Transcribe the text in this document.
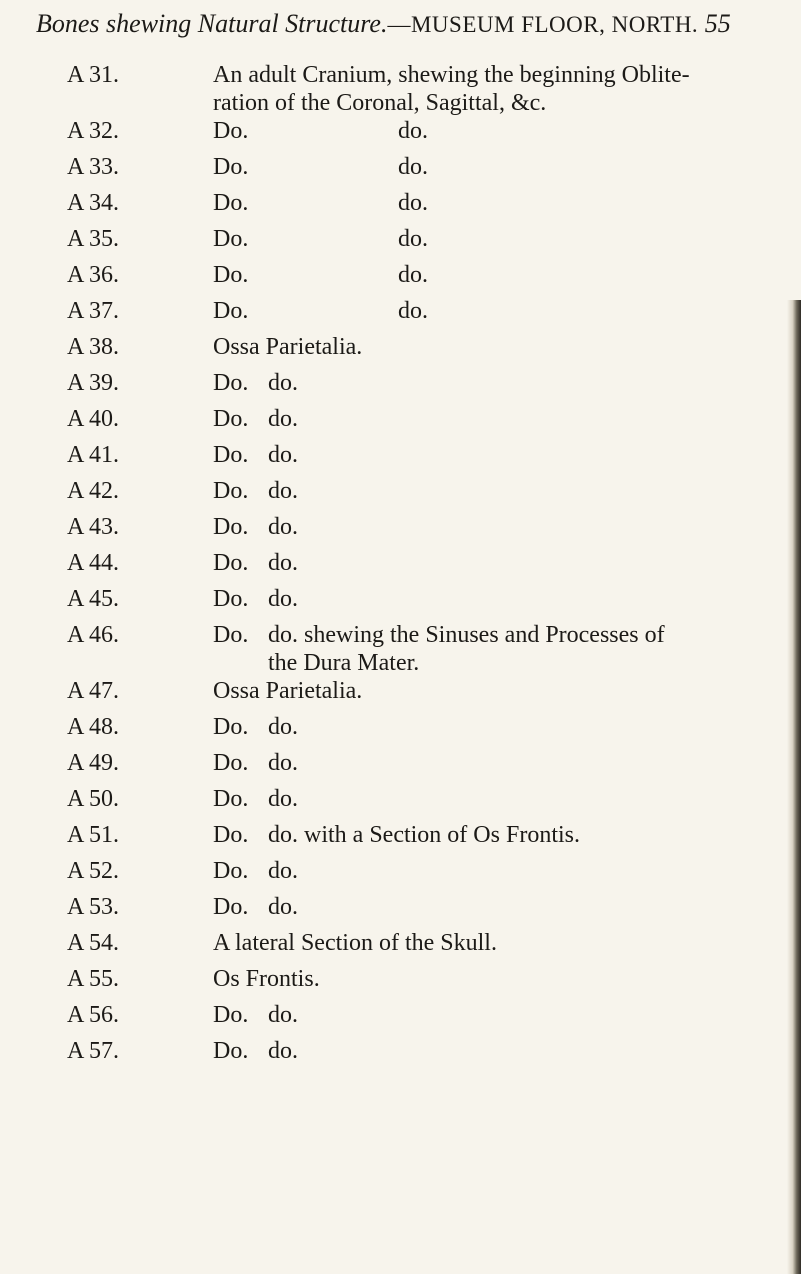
Bones shewing Natural Structure.—MUSEUM FLOOR, NORTH. 55
A 31.	An adult Cranium, shewing the beginning Oblite-
ration of the Coronal, Sagittal, &c.
A 32.	Do.	do.
A 33.	Do.	do.
A 34.	Do.	do.
A 35.	Do.	do.
A 36.	Do.	do.
A 37.	Do.	do.
A 38.	Ossa Parietalia.
A 39.	Do. do.
A 40.	Do. do.
A 41.	Do. do.
A 42.	Do. do.
A 43.	Do. do.
A 44.	Do. do.
A 45.	Do. do.
A 46.	Do. do. shewing the Sinuses and Processes of
the Dura Mater.
A 47.	Ossa Parietalia.
A 48.	Do. do.
A 49.	Do. do.
A 50.	Do. do.
A 51.	Do. do. with a Section of Os Frontis.
A 52.	Do. do.
A 53.	Do. do.
A 54.	A lateral Section of the Skull.
A 55.	Os Frontis.
A 56.	Do. do.
A 57.	Do. do.
